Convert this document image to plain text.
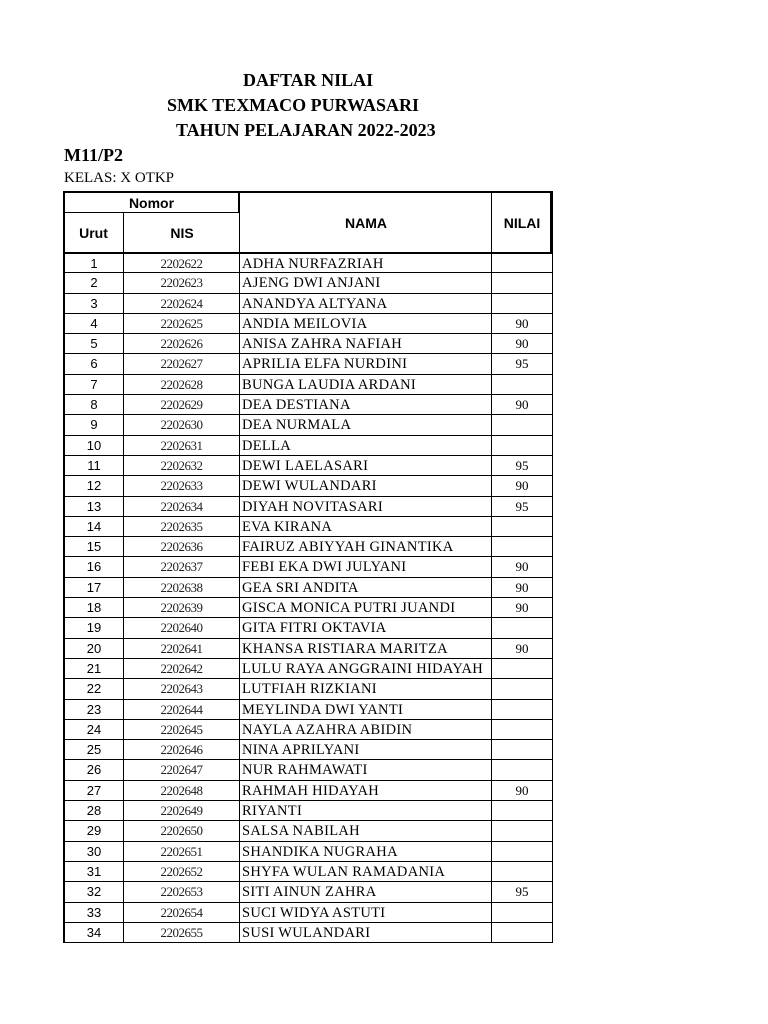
DAFTAR NILAI
SMK TEXMACO PURWASARI
TAHUN PELAJARAN 2022-2023
M11/P2
KELAS: X OTKP
Nomor
Urut	NIS
NAMA	NILAI
1	2202622	ADHA NURFAZRIAH
2	2202623	AJENG DWI ANJANI
3	2202624	ANANDYA ALTYANA
4	2202625	ANDIA MEILOVIA	90
5	2202626	ANISA ZAHRA NAFIAH	90
6	2202627	APRILIA ELFA NURDINI	95
7	2202628	BUNGA LAUDIA ARDANI
8	2202629	DEA DESTIANA	90
9	2202630	DEA NURMALA
10	2202631	DELLA
11	2202632	DEWI LAELASARI	95
12	2202633	DEWI WULANDARI	90
13	2202634	DIYAH NOVITASARI	95
14	2202635	EVA KIRANA
15	2202636	FAIRUZ ABIYYAH GINANTIKA
16	2202637	FEBI EKA DWI JULYANI	90
17	2202638	GEA SRI ANDITA	90
18	2202639	GISCA MONICA PUTRI JUANDI	90
19	2202640	GITA FITRI OKTAVIA
20	2202641	KHANSA RISTIARA MARITZA	90
21	2202642	LULU RAYA ANGGRAINI HIDAYAH
22	2202643	LUTFIAH RIZKIANI
23	2202644	MEYLINDA DWI YANTI
24	2202645	NAYLA AZAHRA ABIDIN
25	2202646	NINA APRILYANI
26	2202647	NUR RAHMAWATI
27	2202648	RAHMAH HIDAYAH	90
28	2202649	RIYANTI
29	2202650	SALSA NABILAH
30	2202651	SHANDIKA NUGRAHA
31	2202652	SHYFA WULAN RAMADANIA
32	2202653	SITI AINUN ZAHRA	95
33	2202654	SUCI WIDYA ASTUTI
34	2202655	SUSI WULANDARI
